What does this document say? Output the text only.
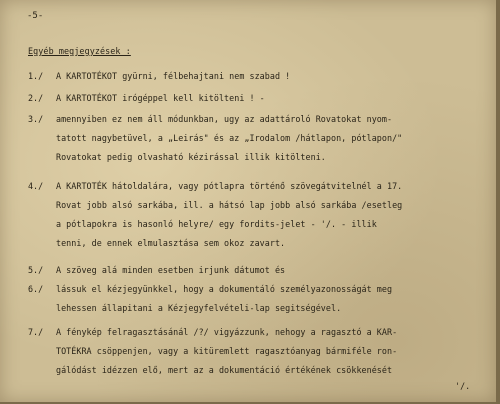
-5-
Egyéb megjegyzések :
1./ A KARTOTÉKOT gyürni, félbehajtani nem szabad !
2./ A KARTOTÉKOT irógéppel kell kitölteni ! -
3./ amennyiben ez nem áll módunkban, ugy az adattároló Rovatokat nyom-
tatott nagybetüvel, a „Leirás" és az „Irodalom /hátlapon, pótlapon/"
Rovatokat pedig olvasható kézirással illik kitölteni.
4./ A KARTOTÉK hátoldalára, vagy pótlapra történő szövegátvitelnél a 17.
Rovat jobb alsó sarkába, ill. a hátsó lap jobb alsó sarkába /esetleg
a pótlapokra is hasonló helyre/ egy fordits-jelet - '/. - illik
tenni, de ennek elmulasztása sem okoz zavart.
5./ A szöveg alá minden esetben irjunk dátumot és
6./ lássuk el kézjegyünkkel, hogy a dokumentáló személyazonosságát meg
lehessen állapitani a Kézjegyfelvételi-lap segitségével.
7./ A fénykép felragasztásánál /?/ vigyázzunk, nehogy a ragasztó a KAR-
TOTÉKRA csöppenjen, vagy a kitüremlett ragasztóanyag bármiféle ron-
gálódást idézzen elő, mert az a dokumentáció értékének csökkenését
'/.
